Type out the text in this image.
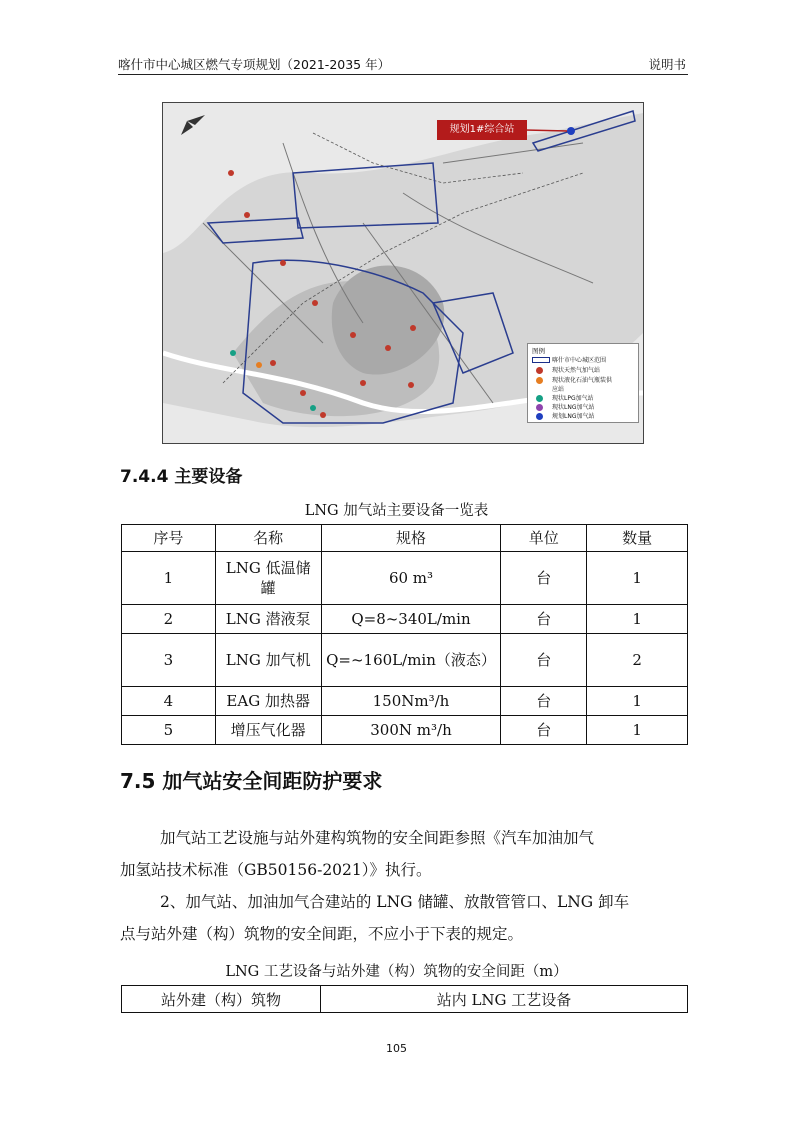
喀什市中心城区燃气专项规划（2021-2035 年）	说明书
规划1#综合站
图例
喀什市中心城区范围
现状天然气加气站
现状液化石油气瓶装供应站
现状LPG加气站
现状LNG加气站
规划LNG加气站
7.4.4 主要设备
LNG 加气站主要设备一览表
序号	名称	规格	单位	数量
1	LNG 低温储罐	60 m³	台	1
2	LNG 潜液泵	Q=8~340L/min	台	1
3	LNG 加气机	Q=~160L/min（液态）	台	2
4	EAG 加热器	150Nm³/h	台	1
5	增压气化器	300N m³/h	台	1
7.5 加气站安全间距防护要求
加气站工艺设施与站外建构筑物的安全间距参照《汽车加油加气
加氢站技术标准（GB50156-2021）》执行。
2、加气站、加油加气合建站的 LNG 储罐、放散管管口、LNG 卸车
点与站外建（构）筑物的安全间距，不应小于下表的规定。
LNG 工艺设备与站外建（构）筑物的安全间距（m）
站外建（构）筑物	站内 LNG 工艺设备
105
